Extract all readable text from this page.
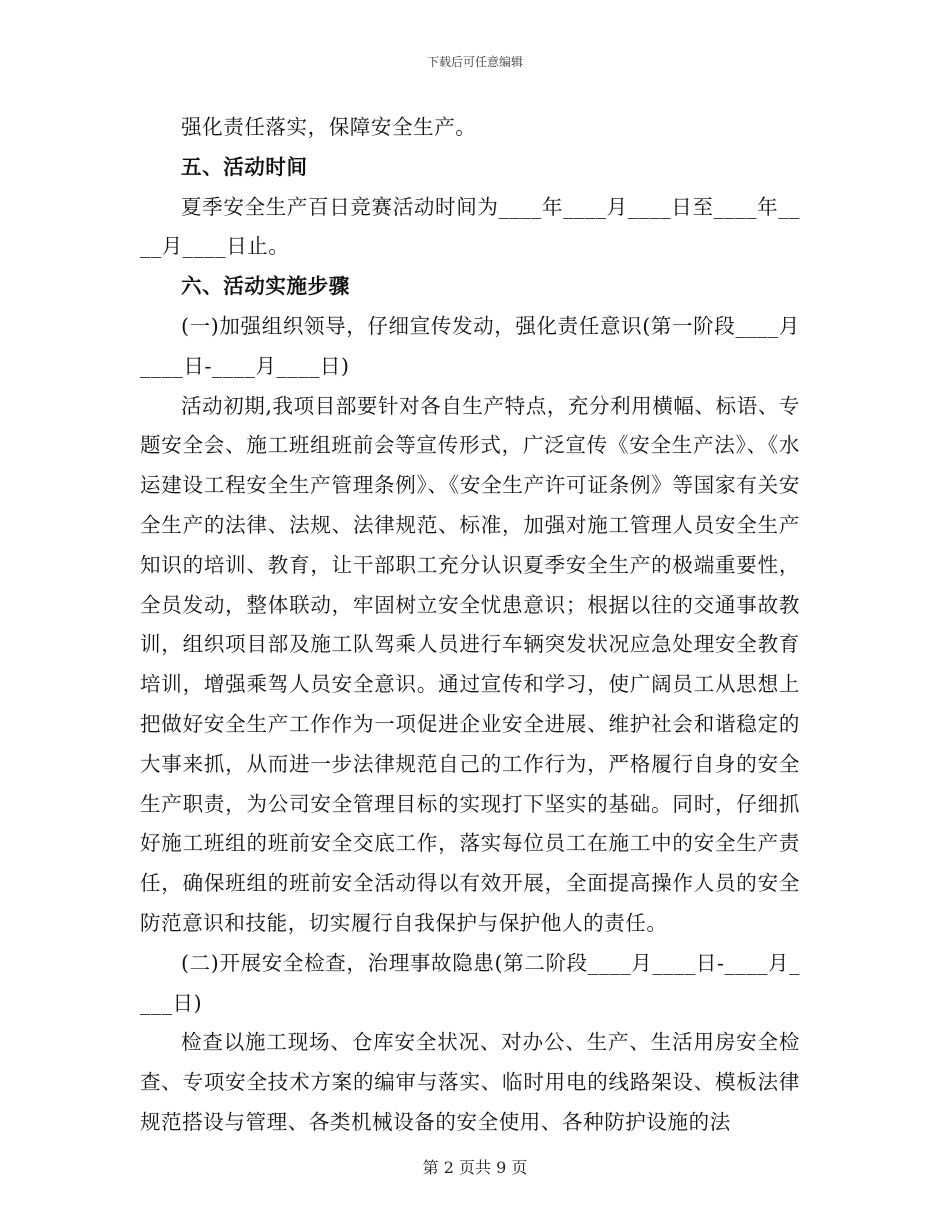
下载后可任意编辑

强化责任落实，保障安全生产。

五、活动时间

夏季安全生产百日竞赛活动时间为____年____月____日至____年____月____日止。

六、活动实施步骤

(一)加强组织领导，仔细宣传发动，强化责任意识(第一阶段____月____日-____月____日)

活动初期,我项目部要针对各自生产特点，充分利用横幅、标语、专题安全会、施工班组班前会等宣传形式，广泛宣传《安全生产法》、《水运建设工程安全生产管理条例》、《安全生产许可证条例》等国家有关安全生产的法律、法规、法律规范、标准，加强对施工管理人员安全生产知识的培训、教育，让干部职工充分认识夏季安全生产的极端重要性，全员发动，整体联动，牢固树立安全忧患意识；根据以往的交通事故教训，组织项目部及施工队驾乘人员进行车辆突发状况应急处理安全教育培训，增强乘驾人员安全意识。通过宣传和学习，使广阔员工从思想上把做好安全生产工作作为一项促进企业安全进展、维护社会和谐稳定的大事来抓，从而进一步法律规范自己的工作行为，严格履行自身的安全生产职责，为公司安全管理目标的实现打下坚实的基础。同时，仔细抓好施工班组的班前安全交底工作，落实每位员工在施工中的安全生产责任，确保班组的班前安全活动得以有效开展，全面提高操作人员的安全防范意识和技能，切实履行自我保护与保护他人的责任。

(二)开展安全检查，治理事故隐患(第二阶段____月____日-____月____日)

检查以施工现场、仓库安全状况、对办公、生产、生活用房安全检查、专项安全技术方案的编审与落实、临时用电的线路架设、模板法律规范搭设与管理、各类机械设备的安全使用、各种防护设施的法

第 2 页共 9 页
